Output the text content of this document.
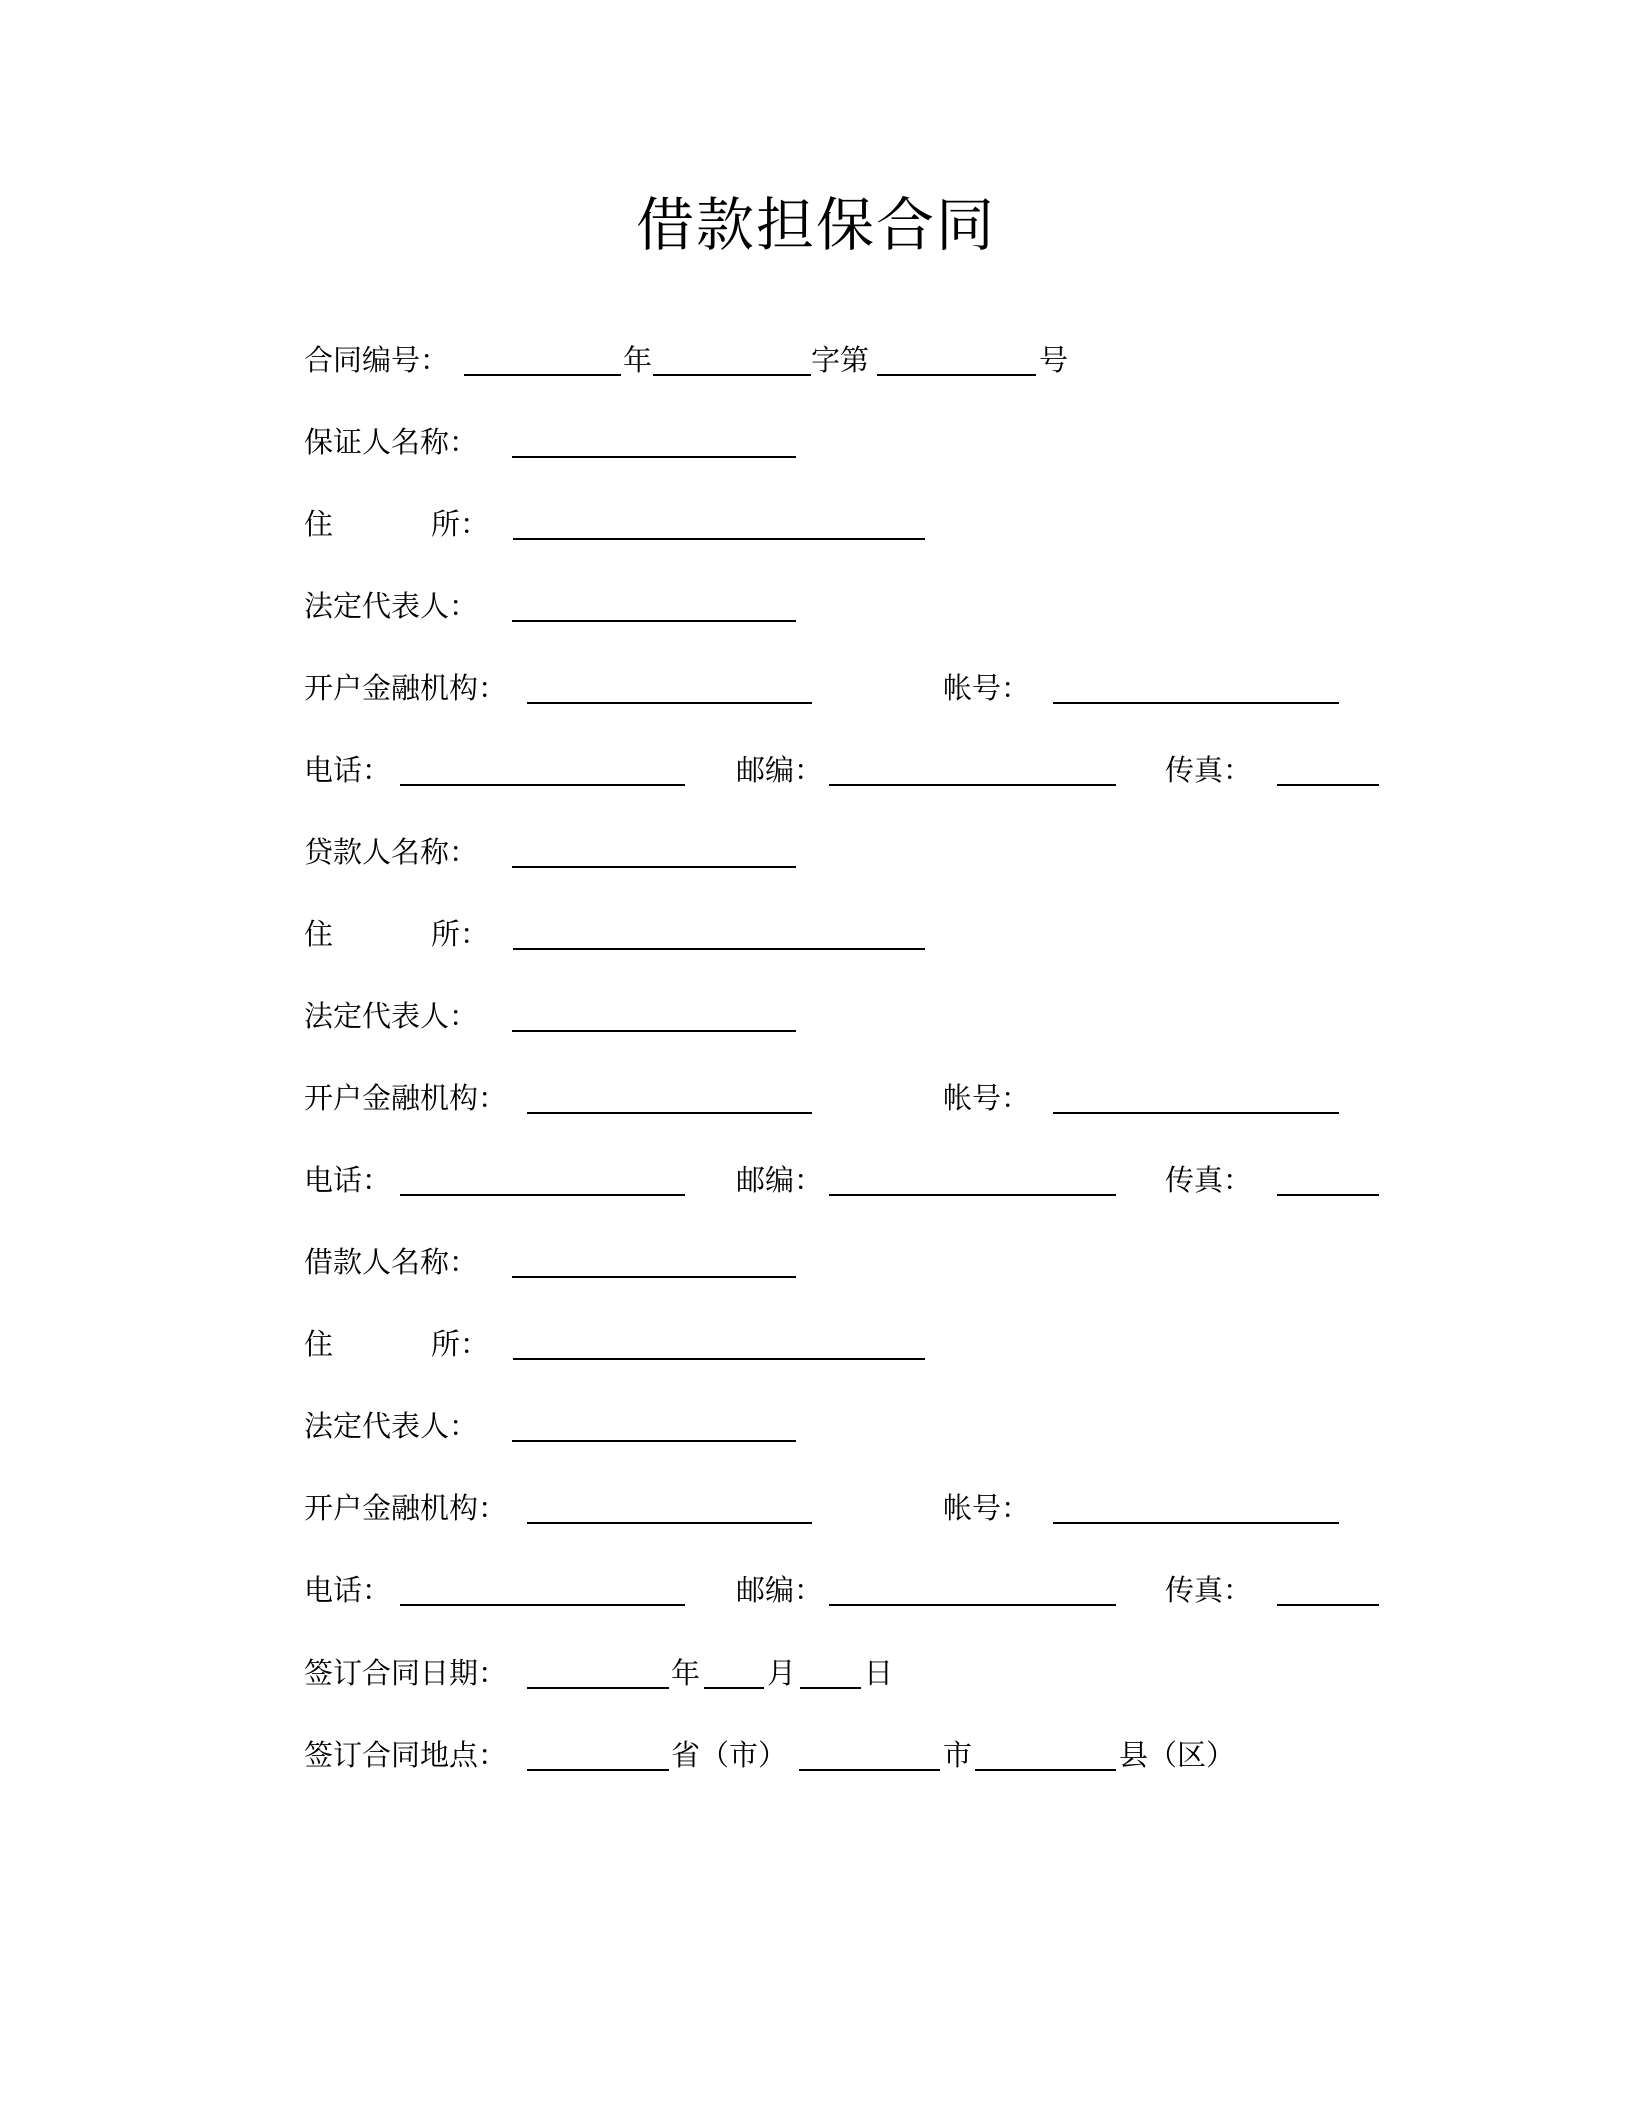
借款担保合同
合同编号：	年	字第	号
保证人名称：
住	所：
法定代表人：
开户金融机构：	帐号：
电话：	邮编：	传真：
贷款人名称：
住	所：
法定代表人：
开户金融机构：	帐号：
电话：	邮编：	传真：
借款人名称：
住	所：
法定代表人：
开户金融机构：	帐号：
电话：	邮编：	传真：
签订合同日期：	年 月 日
签订合同地点：	省（市）	市	县（区）
